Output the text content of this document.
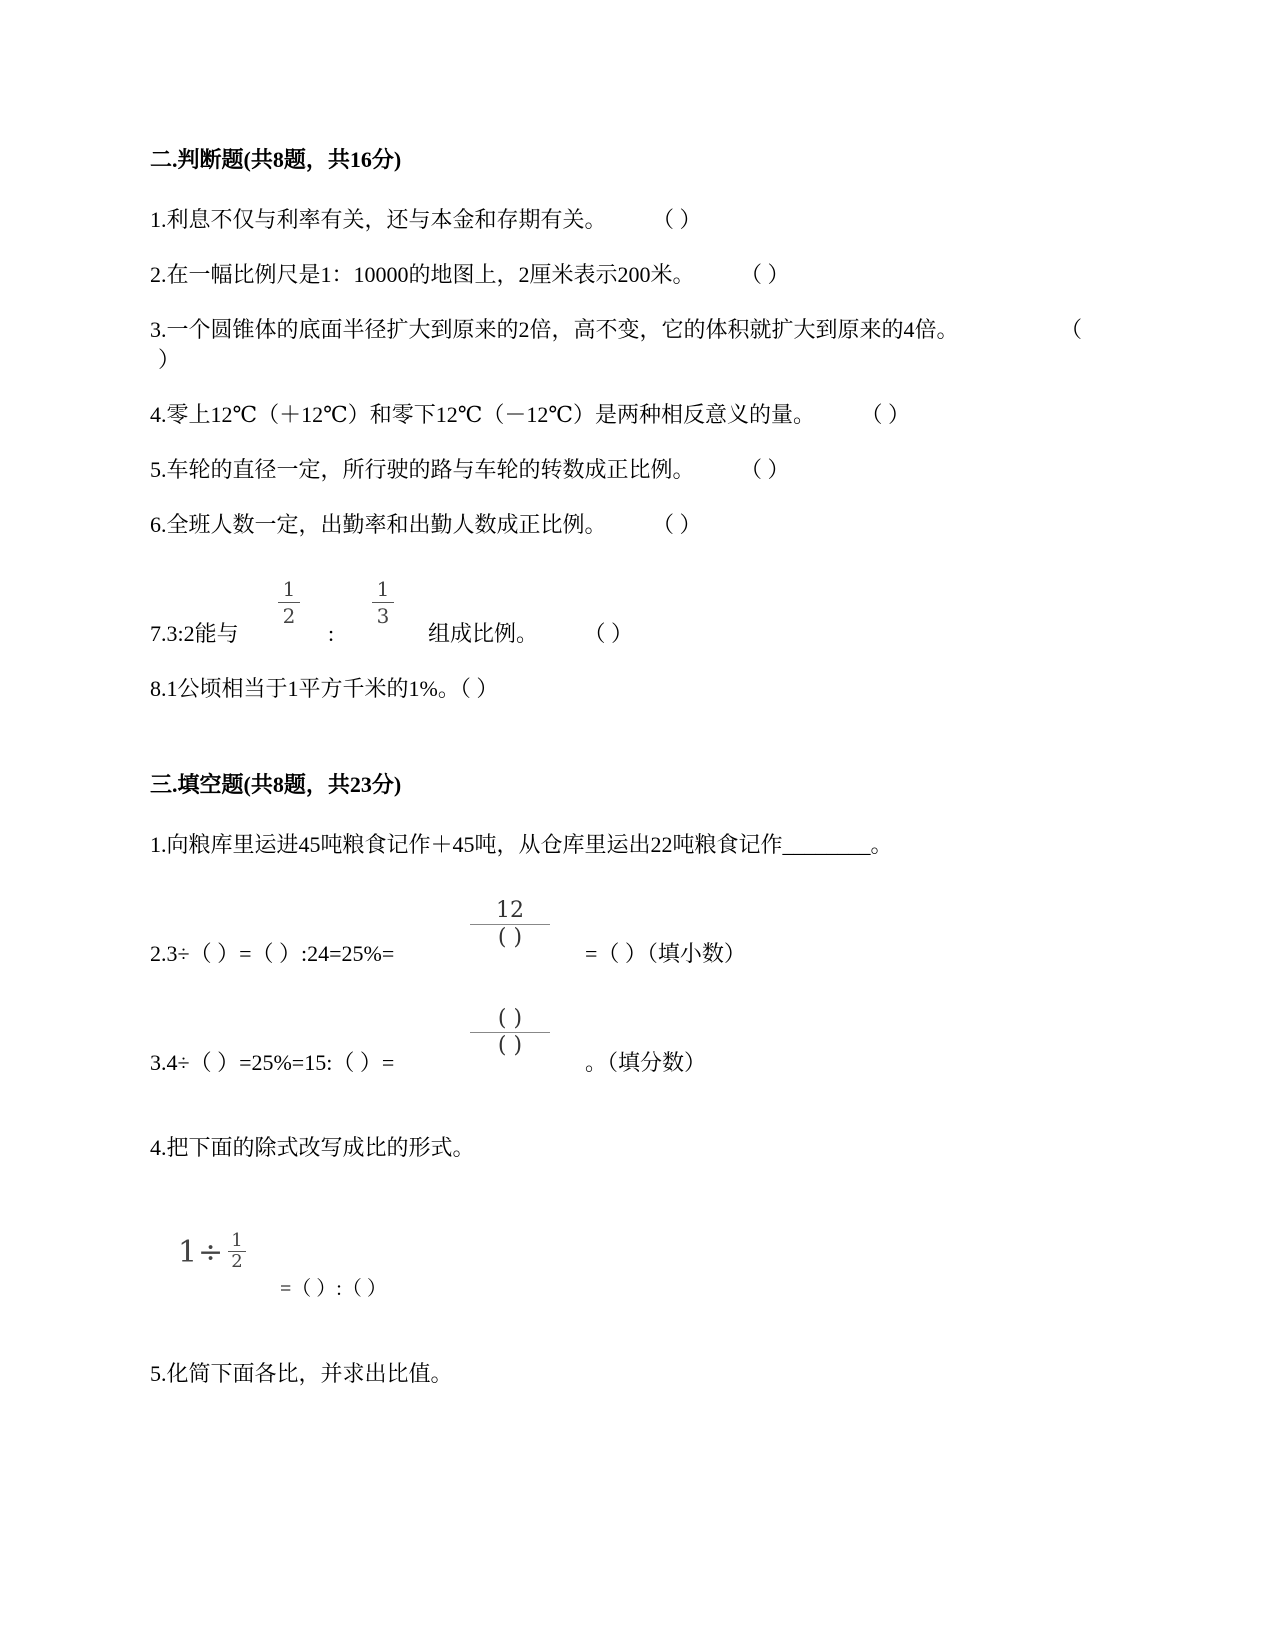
二.判断题(共8题，共16分)
1.利息不仅与利率有关，还与本金和存期有关。 （ ）
2.在一幅比例尺是1：10000的地图上，2厘米表示200米。 （ ）
3.一个圆锥体的底面半径扩大到原来的2倍，高不变，它的体积就扩大到原来的4倍。	（
）
4.零上12℃（＋12℃）和零下12℃（－12℃）是两种相反意义的量。 （ ）
5.车轮的直径一定，所行驶的路与车轮的转数成正比例。 （ ）
6.全班人数一定，出勤率和出勤人数成正比例。 （ ）
7.3:2能与
1
2
:
1
3
组成比例。 （ ）
8.1公顷相当于1平方千米的1%。（ ）
三.填空题(共8题，共23分)
1.向粮库里运进45吨粮食记作＋45吨，从仓库里运出22吨粮食记作________。
2.3÷（ ）=（ ）:24=25%=
12
( )
=（ ）（填小数）
3.4÷（ ）=25%=15:（ ）=
( )
( )
。（填分数）
4.把下面的除式改写成比的形式。
1 ÷ 1
2
=（ ）:（ ）
5.化简下面各比，并求出比值。
